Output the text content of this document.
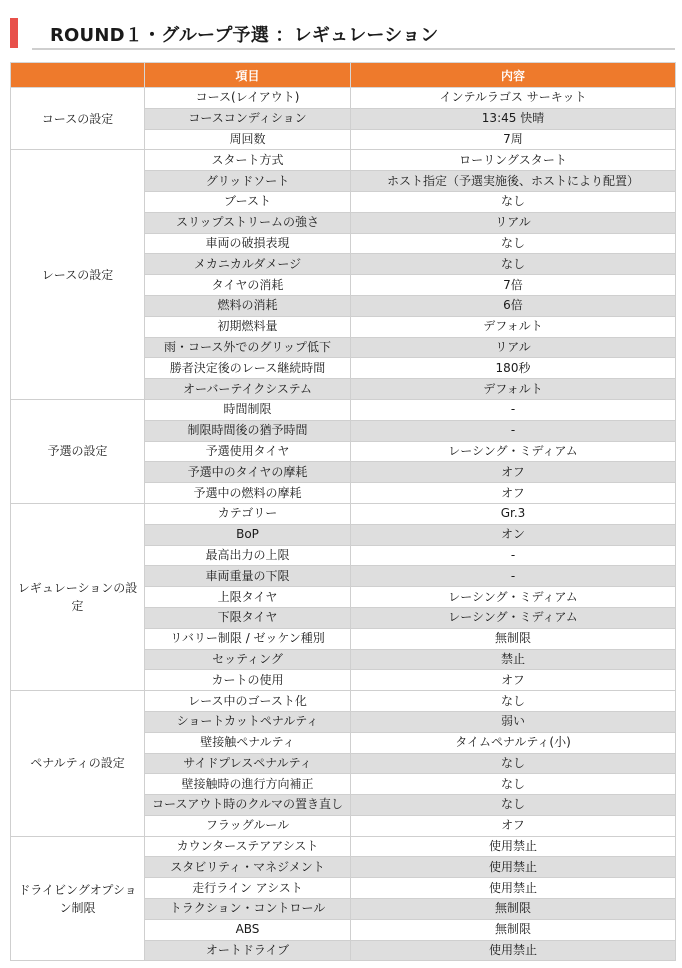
ROUND１・グループ予選 ：レギュレーション
	項目	内容
コースの設定	コース(レイアウト)	インテルラゴス サーキット
	コースコンディション	13:45 快晴
	周回数	7周
レースの設定	スタート方式	ローリングスタート
	グリッドソート	ホスト指定（予選実施後、ホストにより配置）
	ブースト	なし
	スリップストリームの強さ	リアル
	車両の破損表現	なし
	メカニカルダメージ	なし
	タイヤの消耗	7倍
	燃料の消耗	6倍
	初期燃料量	デフォルト
	雨・コース外でのグリップ低下	リアル
	勝者決定後のレース継続時間	180秒
	オーバーテイクシステム	デフォルト
予選の設定	時間制限	-
	制限時間後の猶予時間	-
	予選使用タイヤ	レーシング・ミディアム
	予選中のタイヤの摩耗	オフ
	予選中の燃料の摩耗	オフ
レギュレーションの設定	カテゴリー	Gr.3
	BoP	オン
	最高出力の上限	-
	車両重量の下限	-
	上限タイヤ	レーシング・ミディアム
	下限タイヤ	レーシング・ミディアム
	リバリー制限 / ゼッケン種別	無制限
	セッティング	禁止
	カートの使用	オフ
ペナルティの設定	レース中のゴースト化	なし
	ショートカットペナルティ	弱い
	壁接触ペナルティ	タイムペナルティ(小)
	サイドプレスペナルティ	なし
	壁接触時の進行方向補正	なし
	コースアウト時のクルマの置き直し	なし
	フラッグルール	オフ
ドライビングオプション制限	カウンターステアアシスト	使用禁止
	スタビリティ・マネジメント	使用禁止
	走行ライン アシスト	使用禁止
	トラクション・コントロール	無制限
	ABS	無制限
	オートドライブ	使用禁止
